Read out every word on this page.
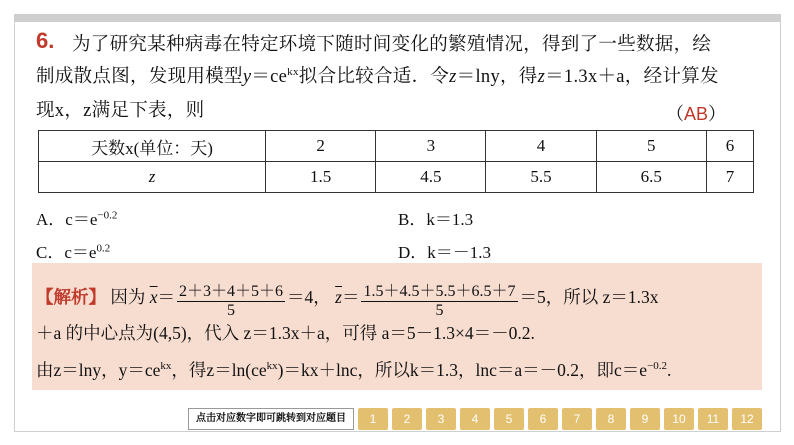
6. 为了研究某种病毒在特定环境下随时间变化的繁殖情况，得到了一些数据，绘
制成散点图，发现用模型$y=ce^{kx}$拟合比较合适．令z＝lny，得z＝1.3x＋a，经计算发
现x，z满足下表，则	（AB）
天数x(单位：天)	2	3	4	5	6
z	1.5	4.5	5.5	6.5	7
A．$c=e^{-0.2}$	B．k＝1.3
C．$c=e^{0.2}$	D．k＝－1.3
【解析】 因为 $\overline{x}= \frac{2+3+4+5+6}{5} =4$， $\overline{z}= \frac{1.5+4.5+5.5+6.5+7}{5} =5$，所以 z＝1.3x
＋a 的中心点为(4,5)，代入 z＝1.3x＋a，可得 a＝5－1.3×4＝－0.2.
由z＝lny，$y=ce^{kx}$，得$z=\ln(ce^{kx})=kx+\ln c$，所以k＝1.3，lnc＝a＝－0.2，即$c=e^{-0.2}$.
点击对应数字即可跳转到对应题目	1	2	3	4	5	6	7	8	9	10	11	12
